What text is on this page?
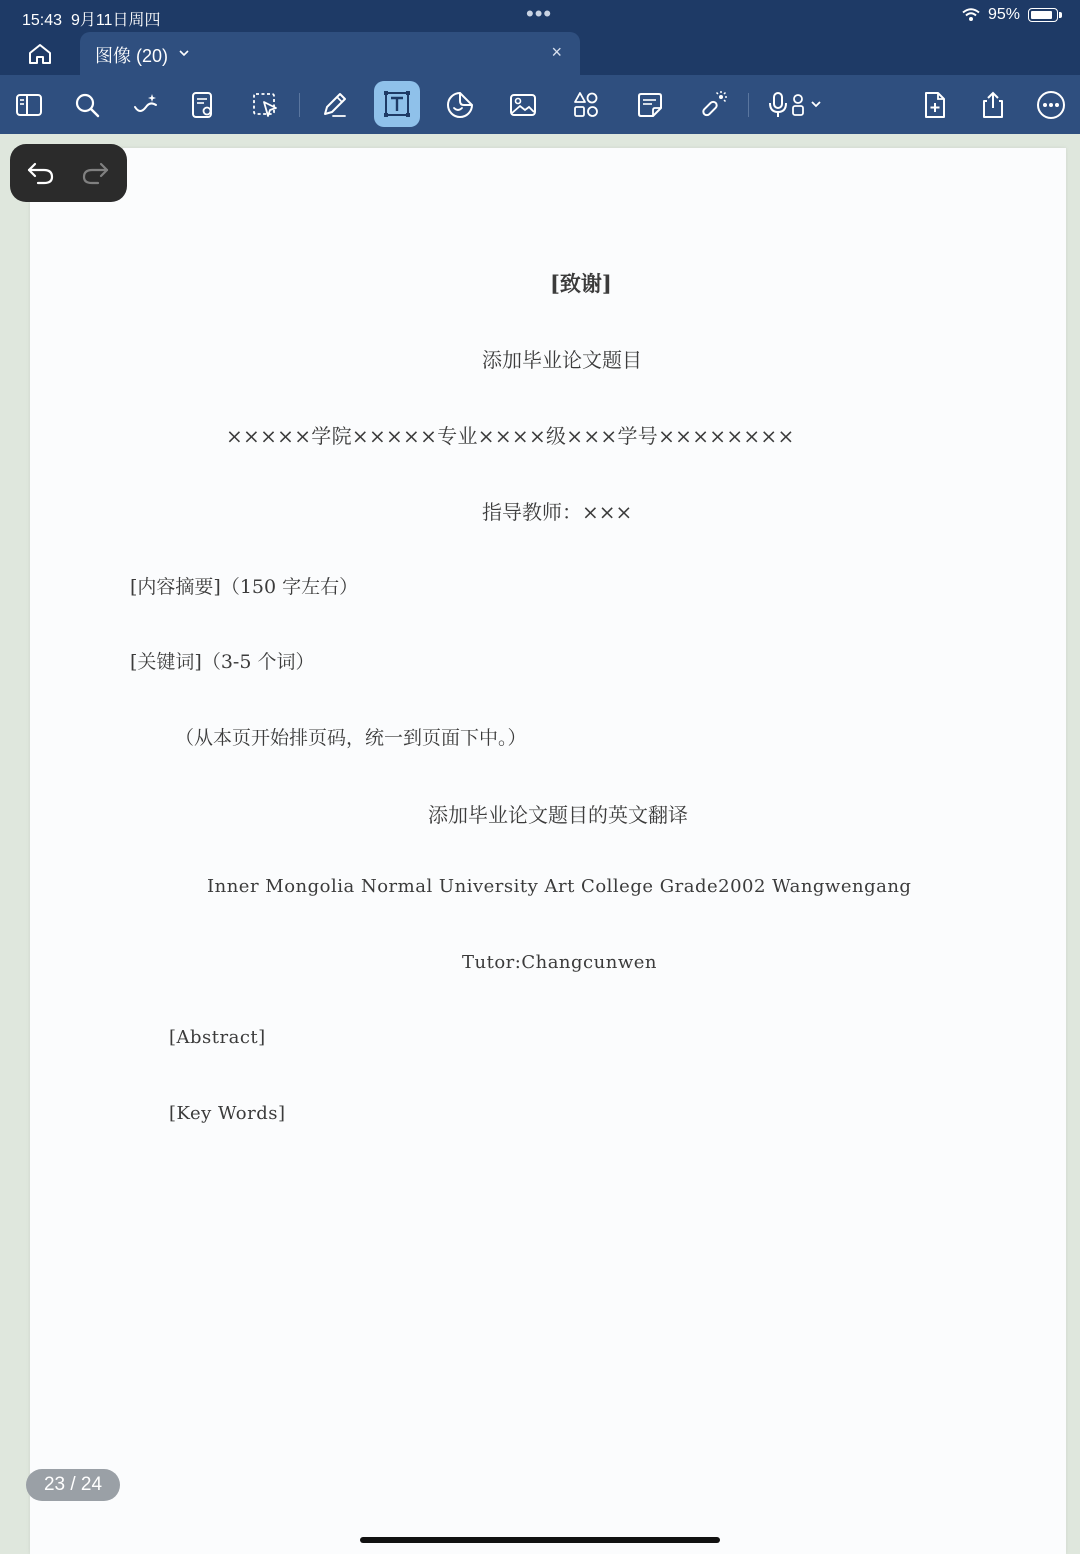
15:43 9月11日周四	•••	95%
图像 (20)	×
[致谢]
添加毕业论文题目
×××××学院×××××专业××××级×××学号××××××××
指导教师：×××
[内容摘要]（150 字左右）
[关键词]（3-5 个词）
（从本页开始排页码，统一到页面下中。）
添加毕业论文题目的英文翻译
Inner Mongolia Normal University Art College Grade2002 Wangwengang
Tutor:Changcunwen
[Abstract]
[Key Words]
23 / 24
